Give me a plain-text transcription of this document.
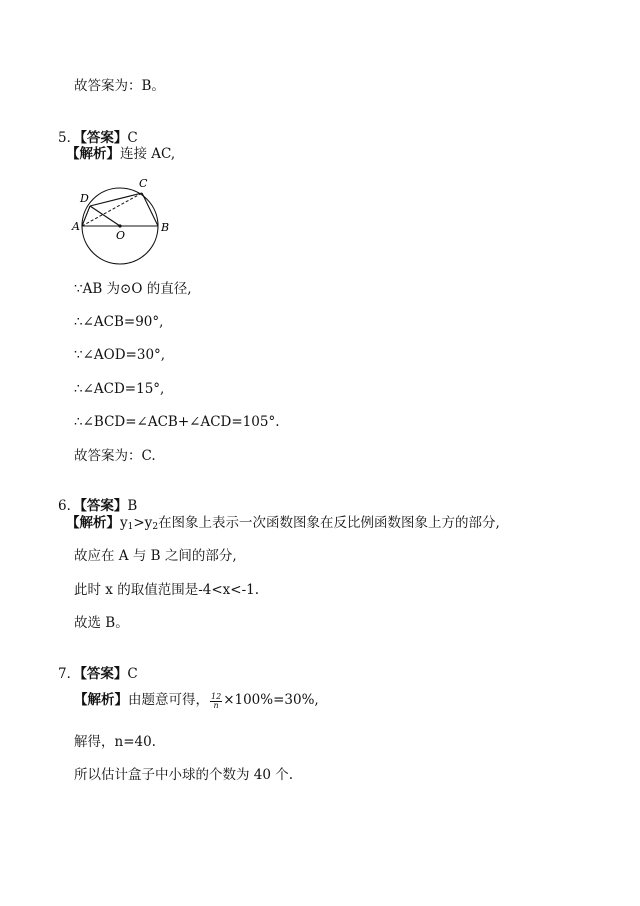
故答案为：B。
5．【答案】C
【解析】连接 AC,
A	B
C
D
O
∵AB 为⊙O 的直径,
∴∠ACB=90°,
∵∠AOD=30°,
∴∠ACD=15°,
∴∠BCD=∠ACB+∠ACD=105°.
故答案为：C.
6．【答案】B
【解析】$y_1>y_2$在图象上表示一次函数图象在反比例函数图象上方的部分,
故应在 A 与 B 之间的部分,
此时 x 的取值范围是-4<x<-1.
故选 B。
7．【答案】C
【解析】由题意可得， $\frac{12}{n} \times 100\%=30\%$,
解得，n=40.
所以估计盒子中小球的个数为 40 个.
